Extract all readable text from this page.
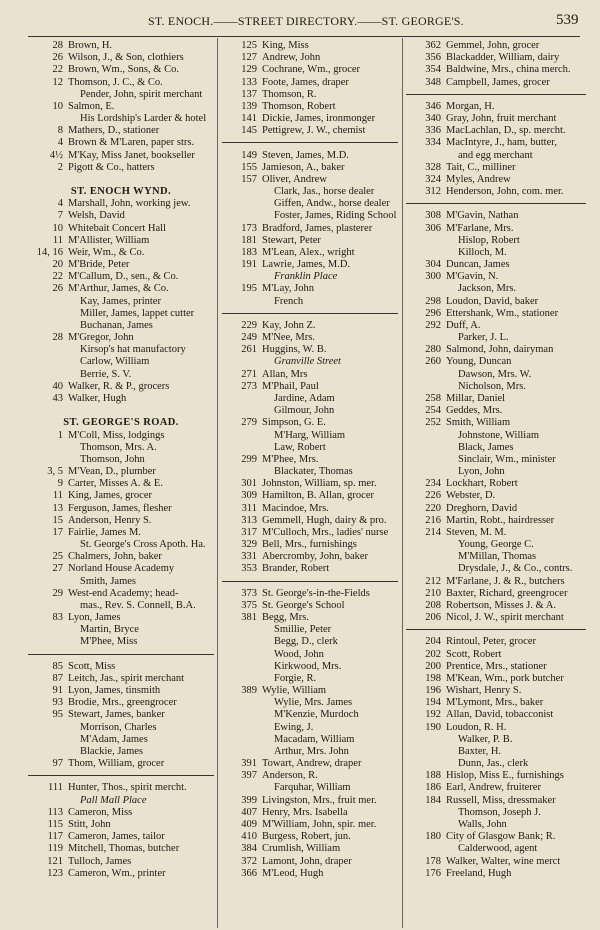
ST. ENOCH.——STREET DIRECTORY.——ST. GEORGE'S.	539
28 Brown, H.
26 Wilson, J., & Son, clothiers
22 Brown, Wm., Sons, & Co.
12 Thomson, J. C., & Co.
Pender, John, spirit merchant
10 Salmon, E.
His Lordship's Larder & hotel
8 Mathers, D., stationer
4 Brown & M'Laren, paper strs.
4½ M'Kay, Miss Janet, bookseller
2 Pigott & Co., hatters
ST. ENOCH WYND.
4 Marshall, John, working jew.
7 Welsh, David
10 Whitebait Concert Hall
11 M'Allister, William
14, 16 Weir, Wm., & Co.
20 M'Bride, Peter
22 M'Callum, D., sen., & Co.
26 M'Arthur, James, & Co.
Kay, James, printer
Miller, James, lappet cutter
Buchanan, James
28 M'Gregor, John
Kirsop's hat manufactory
Carlow, William
Berrie, S. V.
40 Walker, R. & P., grocers
43 Walker, Hugh
ST. GEORGE'S ROAD.
1 M'Coll, Miss, lodgings
Thomson, Mrs. A.
Thomson, John
3, 5 M'Vean, D., plumber
9 Carter, Misses A. & E.
11 King, James, grocer
13 Ferguson, James, flesher
15 Anderson, Henry S.
17 Fairlie, James M.
St. George's Cross Apoth. Ha.
25 Chalmers, John, baker
27 Norland House Academy
Smith, James
29 West-end Academy; head-
mas., Rev. S. Connell, B.A.
83 Lyon, James
Martin, Bryce
M'Phee, Miss
85 Scott, Miss
87 Leitch, Jas., spirit merchant
91 Lyon, James, tinsmith
93 Brodie, Mrs., greengrocer
95 Stewart, James, banker
Morrison, Charles
M'Adam, James
Blackie, James
97 Thom, William, grocer
111 Hunter, Thos., spirit mercht.
Pall Mall Place
113 Cameron, Miss
115 Stitt, John
117 Cameron, James, tailor
119 Mitchell, Thomas, butcher
121 Tulloch, James
123 Cameron, Wm., printer
125 King, Miss
127 Andrew, John
129 Cochrane, Wm., grocer
133 Foote, James, draper
137 Thomson, R.
139 Thomson, Robert
141 Dickie, James, ironmonger
145 Pettigrew, J. W., chemist
149 Steven, James, M.D.
155 Jamieson, A., baker
157 Oliver, Andrew
Clark, Jas., horse dealer
Giffen, Andw., horse dealer
Foster, James, Riding School
173 Bradford, James, plasterer
181 Stewart, Peter
183 M'Lean, Alex., wright
191 Lawrie, James, M.D.
Franklin Place
195 M'Lay, John
French
229 Kay, John Z.
249 M'Nee, Mrs.
261 Huggins, W. B.
Granville Street
271 Allan, Mrs
273 M'Phail, Paul
Jardine, Adam
Gilmour, John
279 Simpson, G. E.
M'Harg, William
Law, Robert
299 M'Phee, Mrs.
Blackater, Thomas
301 Johnston, William, sp. mer.
309 Hamilton, B. Allan, grocer
311 Macindoe, Mrs.
313 Gemmell, Hugh, dairy & pro.
317 M'Culloch, Mrs., ladies' nurse
329 Bell, Mrs., furnishings
331 Abercromby, John, baker
353 Brander, Robert
373 St. George's-in-the-Fields
375 St. George's School
381 Begg, Mrs.
Smillie, Peter
Begg, D., clerk
Wood, John
Kirkwood, Mrs.
Forgie, R.
389 Wylie, William
Wylie, Mrs. James
M'Kenzie, Murdoch
Ewing, J.
Macadam, William
Arthur, Mrs. John
391 Towart, Andrew, draper
397 Anderson, R.
Farquhar, William
399 Livingston, Mrs., fruit mer.
407 Henry, Mrs. Isabella
409 M'William, John, spir. mer.
410 Burgess, Robert, jun.
384 Crumlish, William
372 Lamont, John, draper
366 M'Leod, Hugh
362 Gemmel, John, grocer
356 Blackadder, William, dairy
354 Baldwine, Mrs., china merch.
348 Campbell, James, grocer
346 Morgan, H.
340 Gray, John, fruit merchant
336 MacLachlan, D., sp. mercht.
334 MacIntyre, J., ham, butter,
and egg merchant
328 Tait, C., milliner
324 Myles, Andrew
312 Henderson, John, com. mer.
308 M'Gavin, Nathan
306 M'Farlane, Mrs.
Hislop, Robert
Killoch, M.
304 Duncan, James
300 M'Gavin, N.
Jackson, Mrs.
298 Loudon, David, baker
296 Ettershank, Wm., stationer
292 Duff, A.
Parker, J. L.
280 Salmond, John, dairyman
260 Young, Duncan
Dawson, Mrs. W.
Nicholson, Mrs.
258 Millar, Daniel
254 Geddes, Mrs.
252 Smith, William
Johnstone, William
Black, James
Sinclair, Wm., minister
Lyon, John
234 Lockhart, Robert
226 Webster, D.
220 Dreghorn, David
216 Martin, Robt., hairdresser
214 Steven, M. M.
Young, George C.
M'Millan, Thomas
Drysdale, J., & Co., contrs.
212 M'Farlane, J. & R., butchers
210 Baxter, Richard, greengrocer
208 Robertson, Misses J. & A.
206 Nicol, J. W., spirit merchant
204 Rintoul, Peter, grocer
202 Scott, Robert
200 Prentice, Mrs., stationer
198 M'Kean, Wm., pork butcher
196 Wishart, Henry S.
194 M'Lymont, Mrs., baker
192 Allan, David, tobacconist
190 Loudon, R. H.
Walker, P. B.
Baxter, H.
Dunn, Jas., clerk
188 Hislop, Miss E., furnishings
186 Earl, Andrew, fruiterer
184 Russell, Miss, dressmaker
Thomson, Joseph J.
Walls, John
180 City of Glasgow Bank; R.
Calderwood, agent
178 Walker, Walter, wine merct
176 Freeland, Hugh
